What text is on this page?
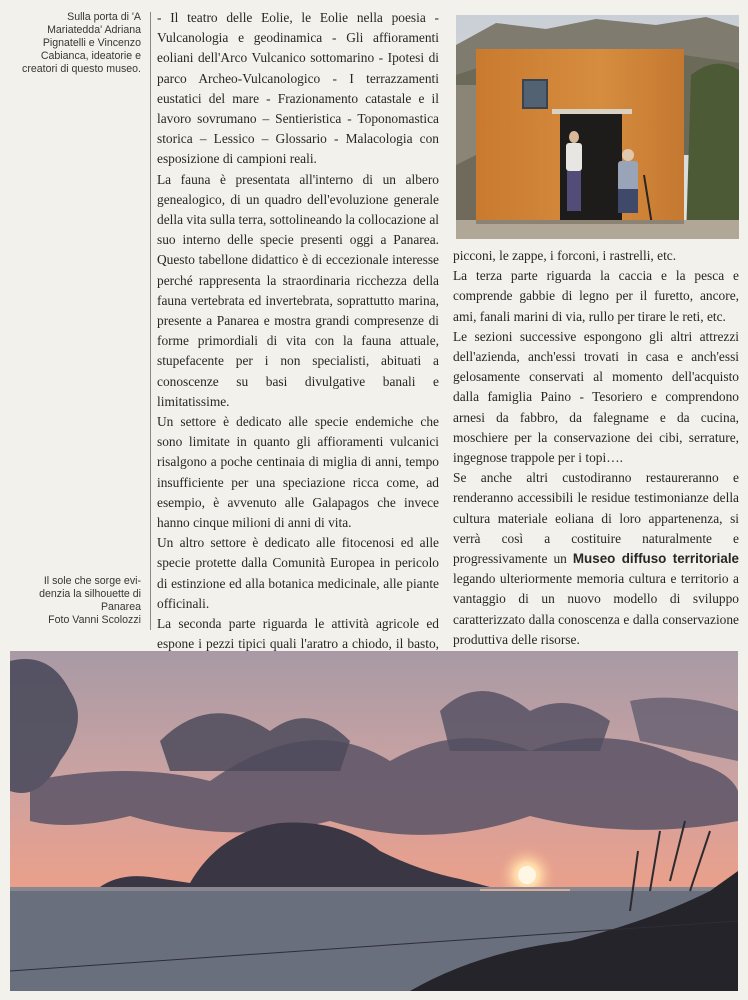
Sulla porta di 'A
Mariatedda' Adriana
Pignatelli e Vincenzo
Cabianca, ideatorie e
creatori di questo museo.
Il sole che sorge evi-
denzia la silhouette di
Panarea
Foto Vanni Scolozzi

- Il teatro delle Eolie, le Eolie nella poesia - Vulcanologia e geodinamica - Gli affioramenti eoliani dell'Arco Vulcanico sottomarino - Ipotesi di parco Archeo-Vulcanologico - I terrazzamenti eustatici del mare - Frazionamento catastale e il lavoro sovrumano – Sentieristica - Toponomastica storica – Lessico – Glossario - Malacologia con esposizione di campioni reali.

La fauna è presentata all'interno di un albero genealogico, di un quadro dell'evoluzione generale della vita sulla terra, sottolineando la collocazione al suo interno delle specie presenti oggi a Panarea. Questo tabellone didattico è di eccezionale interesse perché rappresenta la straordinaria ricchezza della fauna vertebrata ed invertebrata, soprattutto marina, presente a Panarea e mostra grandi compresenze di forme primordiali di vita con la fauna attuale, stupefacente per i non specialisti, abituati a conoscenze su basi divulgative banali e limitatissime.

Un settore è dedicato alle specie endemiche che sono limitate in quanto gli affioramenti vulcanici risalgono a poche centinaia di miglia di anni, tempo insufficiente per una speciazione ricca come, ad esempio, è avvenuto alle Galapagos che invece hanno cinque milioni di anni di vita.

Un altro settore è dedicato alle fitocenosi ed alle specie protette dalla Comunità Europea in pericolo di estinzione ed alla botanica medicinale, alle piante officinali.

La seconda parte riguarda le attività agricole ed espone i pezzi tipici quali l'aratro a chiodo, il basto,

picconi, le zappe, i forconi, i rastrelli, etc.

La terza parte riguarda la caccia e la pesca e comprende gabbie di legno per il furetto, ancore, ami, fanali marini di via, rullo per tirare le reti, etc.

Le sezioni successive espongono gli altri attrezzi dell'azienda, anch'essi trovati in casa e anch'essi gelosamente conservati al momento dell'acquisto dalla famiglia Paino - Tesoriero e comprendono arnesi da fabbro, da falegname e da cucina, moschiere per la conservazione dei cibi, serrature, ingegnose trappole per i topi….

Se anche altri custodiranno restaureranno e renderanno accessibili le residue testimonianze della cultura materiale eoliana di loro appartenenza, si verrà così a costituire naturalmente e progressivamente un Museo diffuso territoriale legando ulteriormente memoria cultura e territorio a vantaggio di un nuovo modello di sviluppo caratterizzato dalla conoscenza e dalla conservazione produttiva delle risorse.
